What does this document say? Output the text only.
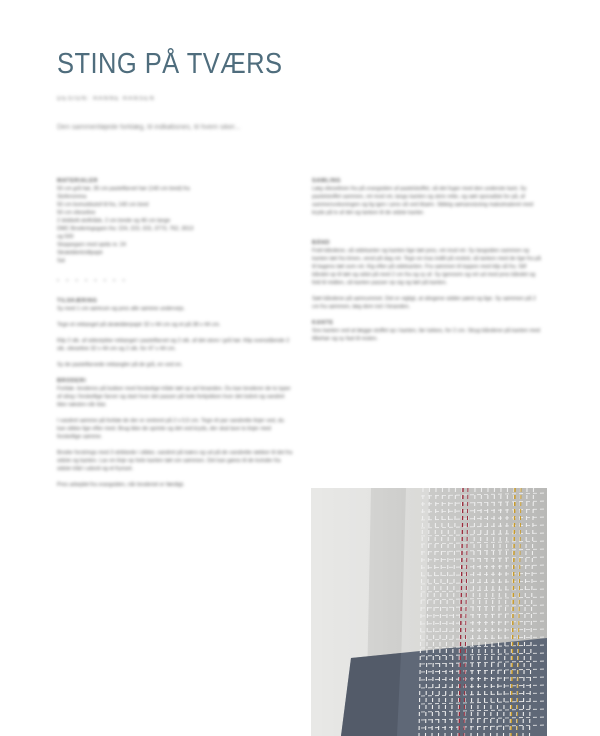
STING PÅ TVÆRS
DESIGN: HANNE HANSEN
Den sammenføjede forklæg, til indkøbsnes, til hvem siker...

MATERIALER

50 cm grå hør, 35 cm pastelfarvet hør (140 cm bred) fra
Stoferomma
50 cm bomuldsstof til fra, 140 cm bred
50 cm vlieseline
2 dobbelt-stoftråde, 2 cm brede og 46 cm lange
DMC Broderingsgarn fra: 224, 223, 315, 3773, 762, 3013
og 500
Stoppegarn med spids nr. 24
Skrædderkridtpapir
Sal

• • • • • • • •

TILSKÆRING

Sy med 1 cm sømrum og pres alle sømme undervejs.

Tegn et rektangel på skrædderpapir 32 x 44 cm og et på 38 x 44 cm.

Klip 2 stk. af sidestykke rektangel i pastelfarvet og 2 stk. af det store i grå hør. Klip ovenstående 2 stk. vlieseline 32 x 44 cm og 2 stk. for 47 x 44 cm.

Sy de pastelfarvede rektangler på de grå, en ved en.

BRODERI

Forklæ- broderes på bukker med forskelige tråde tæt op ad hinanden. Du kan broderer de to typer af sting i forskellige farver og start hvor det passer på hele forkjokken hvor det lodret og vandret ikke næsten når klar.

I vandret sømme på forklæ de der er omtrent på 2 x 0,5 cm. Tegn ét par vandrette linjer ved, du kan stikke lige efter med. Brug ikke de sprinte og det ved kryds, der skal lave to linjer med forskellige sømme.

Broder forstrings med 3 strikkede i stikke, vandret på tværs og ud på de vandrette rækker til det fra sidste og kanten. Lav en linje op hele kanten tæt om sømmen. Det kan gøres til de kvinder fra sidste tråd i udsnit og et frynset.

Pres arbejdet fra vrangsiden, når broderiet er færdigt.

SAMLING

Læg vlieselinen fra på vrangsiden af pastelstoffet, så det fuger med den underste kant. Sy pastelstoffet sammen, ret mod ret, langs kanten og skriv rette, og sæt sporadisk for på, af sammenvoksningen og lig igen i pres så ved tilsøm. Stikkig sømanvisning maksimaleret med kryds på tv af det og tanken til de sidste kanter.

BÅND

Fold båndene, så sidekanter og kanten lige tæt pres, ret mod ret. Sy langsiden sammen og kanten tæt fra trinen, vend på dag ret. Tegn en tras indtil på rested, så tanken med de lige fra på til bagens tæt som ret. Kig efter på sidekanten. Fra sømmen til toppen med klip så fra. Stif båndet op til tæt og sidst på med 2 cm fra og sy af. Sy igennem og ret ud med pres båndet og fold til midten, så kanten passer op sig og tæt på kanten.

Sæt båndene på sømrummet. Det er vigtigt, at stingene sidder pænt og lige. Sy sømmen på 2 cm fra sømmen, læg dem ind i hinanden.

KANTE

Sno kanten ved at lægge stoffet op i kanten, før lukkes, for 2 cm. Stryg båndene på kanten med tilbehør og sy fast til resten.
